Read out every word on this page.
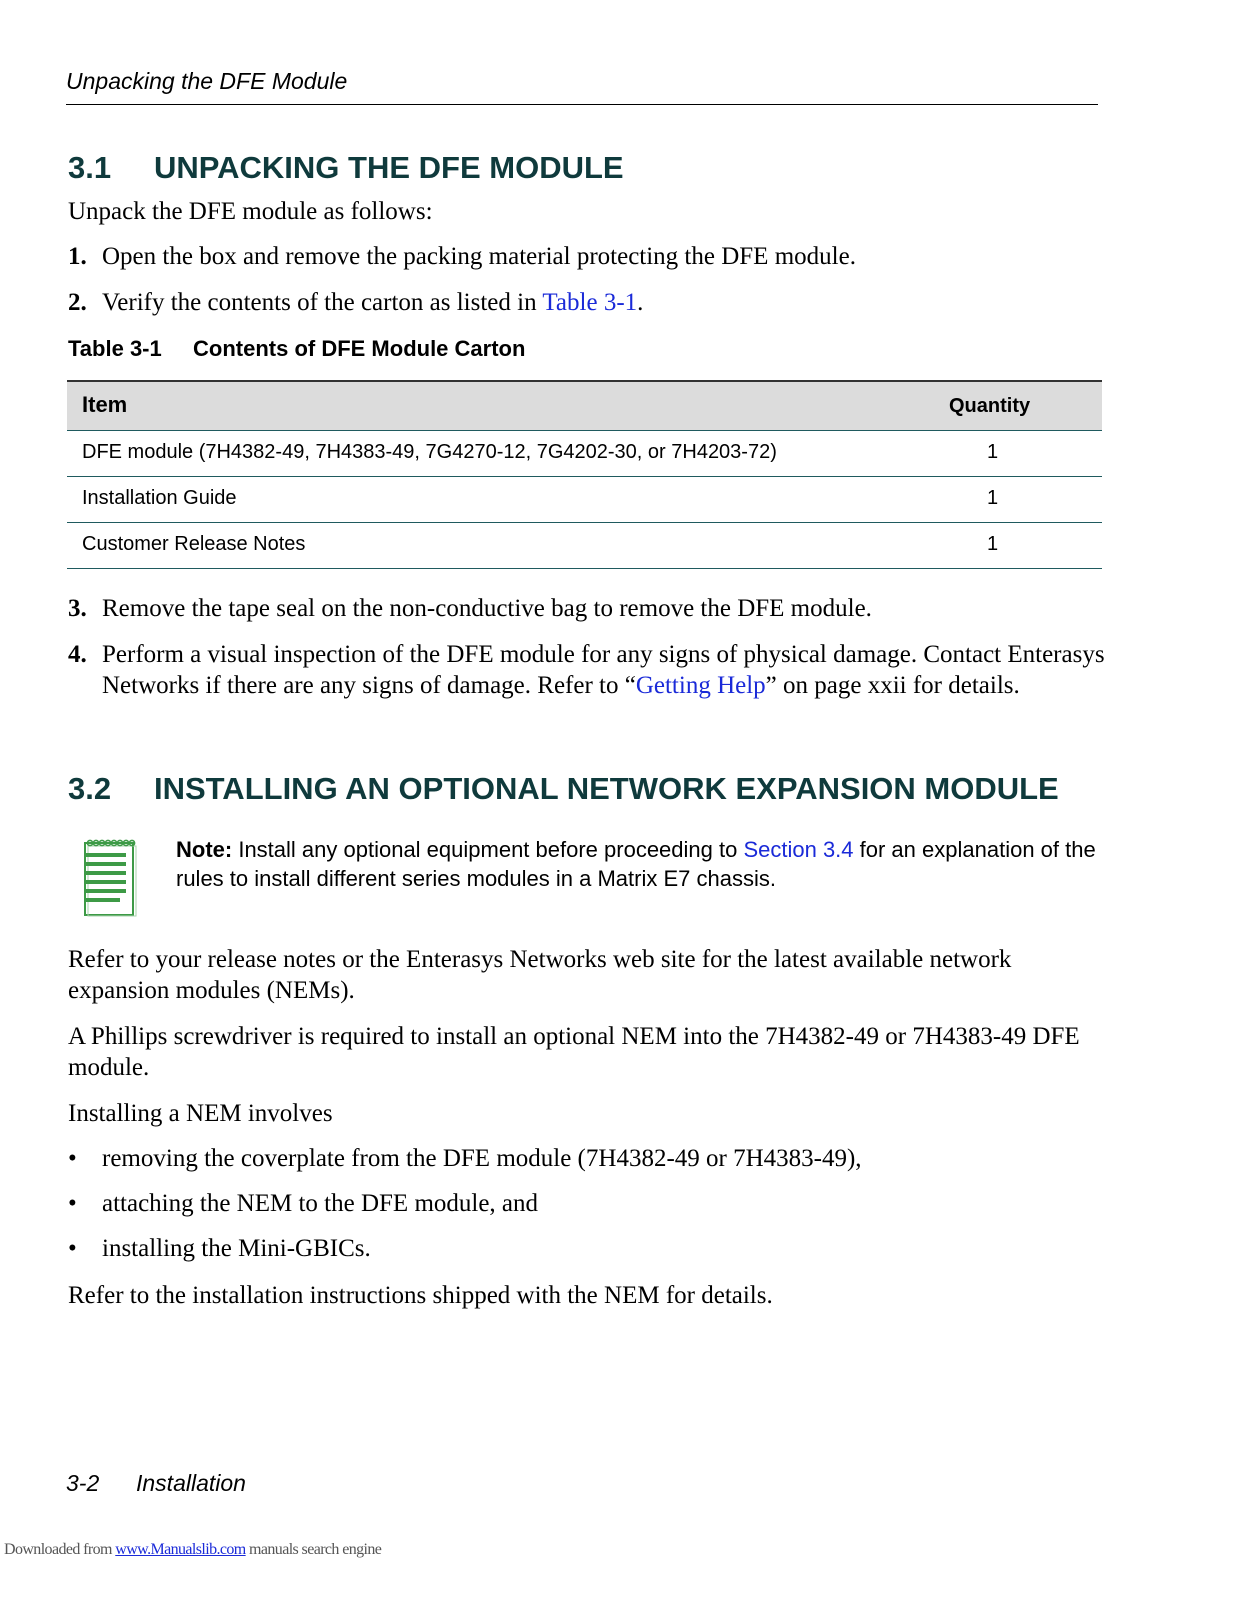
Unpacking the DFE Module
3.1 UNPACKING THE DFE MODULE
Unpack the DFE module as follows:
1. Open the box and remove the packing material protecting the DFE module.
2. Verify the contents of the carton as listed in Table 3-1.
Table 3-1 Contents of DFE Module Carton
Item	Quantity
DFE module (7H4382-49, 7H4383-49, 7G4270-12, 7G4202-30, or 7H4203-72)	1
Installation Guide	1
Customer Release Notes	1
3. Remove the tape seal on the non-conductive bag to remove the DFE module.
4. Perform a visual inspection of the DFE module for any signs of physical damage. Contact Enterasys Networks if there are any signs of damage. Refer to “Getting Help” on page xxii for details.
3.2 INSTALLING AN OPTIONAL NETWORK EXPANSION MODULE
Note: Install any optional equipment before proceeding to Section 3.4 for an explanation of the rules to install different series modules in a Matrix E7 chassis.
Refer to your release notes or the Enterasys Networks web site for the latest available network expansion modules (NEMs).
A Phillips screwdriver is required to install an optional NEM into the 7H4382-49 or 7H4383-49 DFE module.
Installing a NEM involves
• removing the coverplate from the DFE module (7H4382-49 or 7H4383-49),
• attaching the NEM to the DFE module, and
• installing the Mini-GBICs.
Refer to the installation instructions shipped with the NEM for details.
3-2 Installation
Downloaded from www.Manualslib.com manuals search engine
